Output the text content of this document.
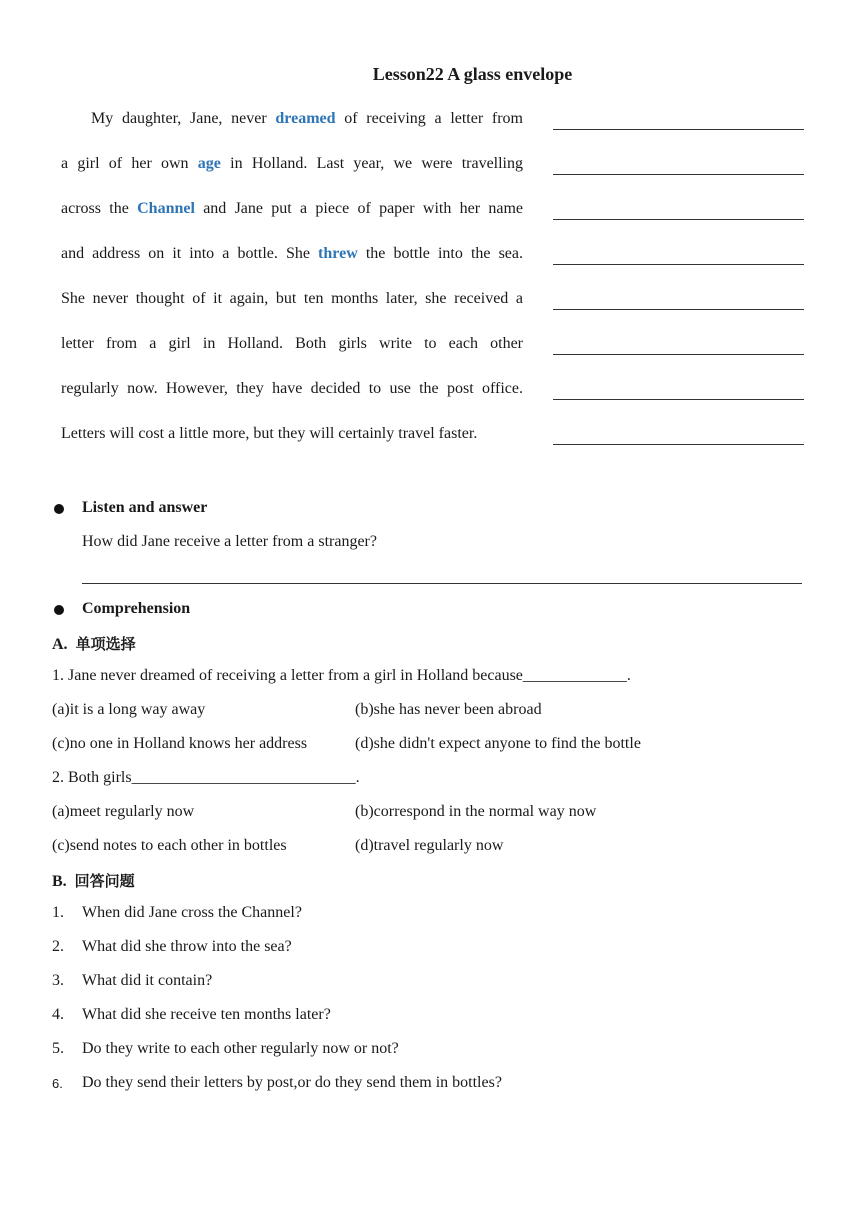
Lesson22 A glass envelope
My daughter, Jane, never dreamed of receiving a letter from
a girl of her own age in Holland. Last year, we were travelling
across the Channel and Jane put a piece of paper with her name
and address on it into a bottle. She threw the bottle into the sea.
She never thought of it again, but ten months later, she received a
letter from a girl in Holland. Both girls write to each other
regularly now. However, they have decided to use the post office.
Letters will cost a little more, but they will certainly travel faster.
Listen and answer
How did Jane receive a letter from a stranger?
Comprehension
A. 单项选择
1. Jane never dreamed of receiving a letter from a girl in Holland because_____________.
(a)it is a long way away	(b)she has never been abroad
(c)no one in Holland knows her address	(d)she didn't expect anyone to find the bottle
2. Both girls____________________________.
(a)meet regularly now	(b)correspond in the normal way now
(c)send notes to each other in bottles	(d)travel regularly now
B. 回答问题
1. When did Jane cross the Channel?
2. What did she throw into the sea?
3. What did it contain?
4. What did she receive ten months later?
5. Do they write to each other regularly now or not?
6. Do they send their letters by post,or do they send them in bottles?
